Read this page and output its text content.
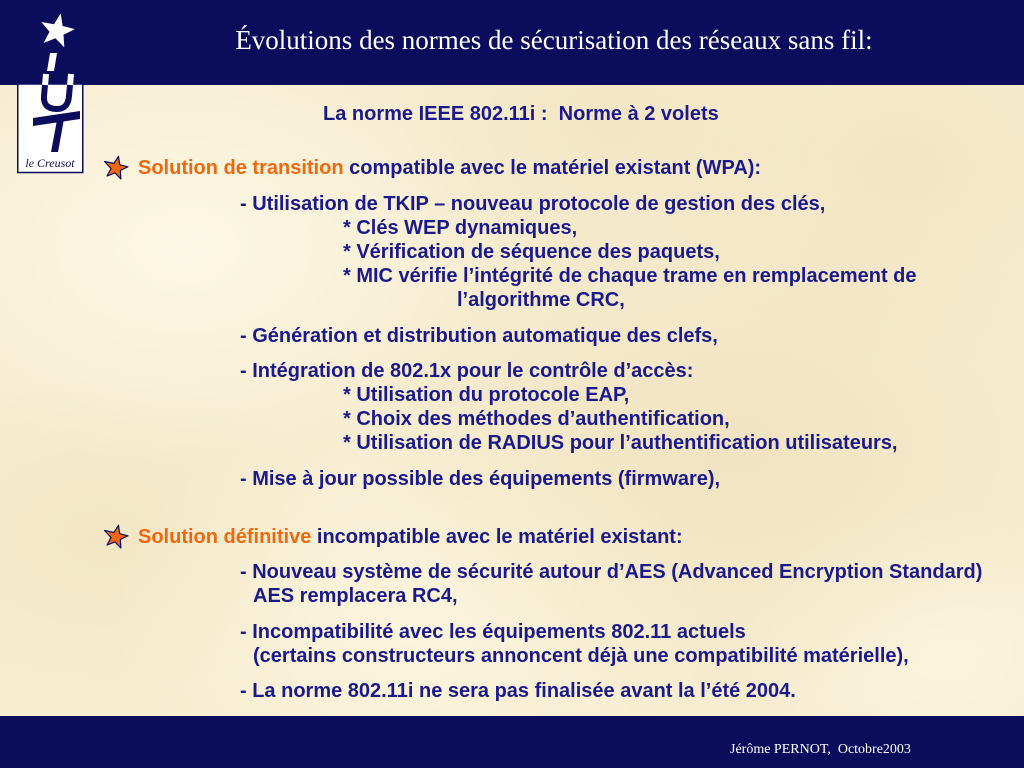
le Creusot
Évolutions des normes de sécurisation des réseaux sans fil:
La norme IEEE 802.11i :  Norme à 2 volets
Solution de transition compatible avec le matériel existant (WPA):
- Utilisation de TKIP – nouveau protocole de gestion des clés,
* Clés WEP dynamiques,
* Vérification de séquence des paquets,
* MIC vérifie l’intégrité de chaque trame en remplacement de
l’algorithme CRC,
- Génération et distribution automatique des clefs,
- Intégration de 802.1x pour le contrôle d’accès:
* Utilisation du protocole EAP,
* Choix des méthodes d’authentification,
* Utilisation de RADIUS pour l’authentification utilisateurs,
- Mise à jour possible des équipements (firmware),
Solution définitive incompatible avec le matériel existant:
- Nouveau système de sécurité autour d’AES (Advanced Encryption Standard)
AES remplacera RC4,
- Incompatibilité avec les équipements 802.11 actuels
(certains constructeurs annoncent déjà une compatibilité matérielle),
- La norme 802.11i ne sera pas finalisée avant la l’été 2004.
Jérôme PERNOT,  Octobre2003
